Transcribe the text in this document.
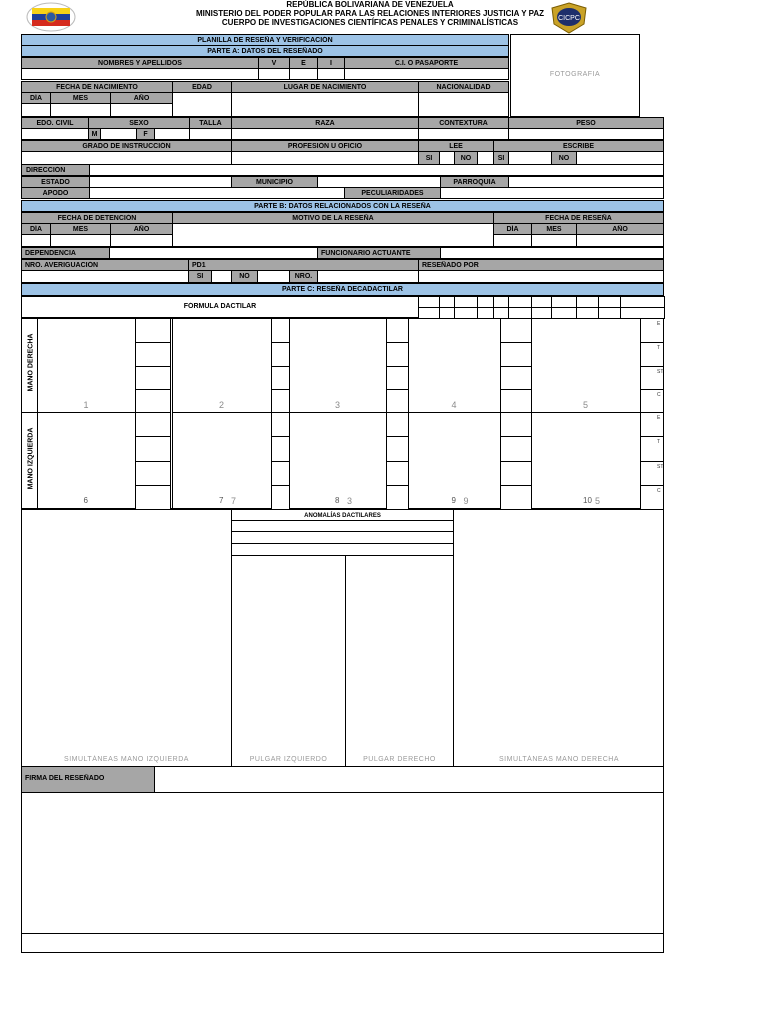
REPÚBLICA BOLIVARIANA DE VENEZUELA
MINISTERIO DEL PODER POPULAR PARA LAS RELACIONES INTERIORES JUSTICIA Y PAZ
CUERPO DE INVESTIGACIONES CIENTÍFICAS PENALES Y CRIMINALÍSTICAS	CICPC
FOTOGRAFIA
PLANILLA DE RESEÑA Y VERIFICACIÓN
PARTE A: DATOS DEL RESEÑADO
NOMBRES Y APELLIDOS	V	E	I	C.I. O PASAPORTE
FECHA DE NACIMIENTO	EDAD	LUGAR DE NACIMIENTO	NACIONALIDAD
DÍA	MES	AÑO
EDO. CIVIL	SEXO	TALLA	RAZA	CONTEXTURA	PESO
M	F
GRADO DE INSTRUCCIÓN	PROFESIÓN U OFICIO	LEE	ESCRIBE
SI	NO	SI	NO
DIRECCIÓN
ESTADO	MUNICIPIO	PARROQUIA
APODO	PECULIARIDADES
PARTE B: DATOS RELACIONADOS CON LA RESEÑA
FECHA DE DETENCIÓN	MOTIVO DE LA RESEÑA	FECHA DE RESEÑA
DÍA	MES	AÑO	DÍA	MES	AÑO
DEPENDENCIA	FUNCIONARIO ACTUANTE
NRO. AVERIGUACIÓN	PD1	RESEÑADO POR
SI	NO	NRO.
PARTE C: RESEÑA DECADACTILAR
FÓRMULA DACTILAR
MANO DERECHA
MANO IZQUIERDA
1	2	3	4	5
E
T
ST
C
6	7 7	8 3	9 9	10 5
E
T
ST
C
ANOMALÍAS DACTILARES
PULGAR IZQUIERDO	PULGAR DERECHO
SIMULTÁNEAS MANO IZQUIERDA	SIMULTÁNEAS MANO DERECHA
FIRMA DEL RESEÑADO
